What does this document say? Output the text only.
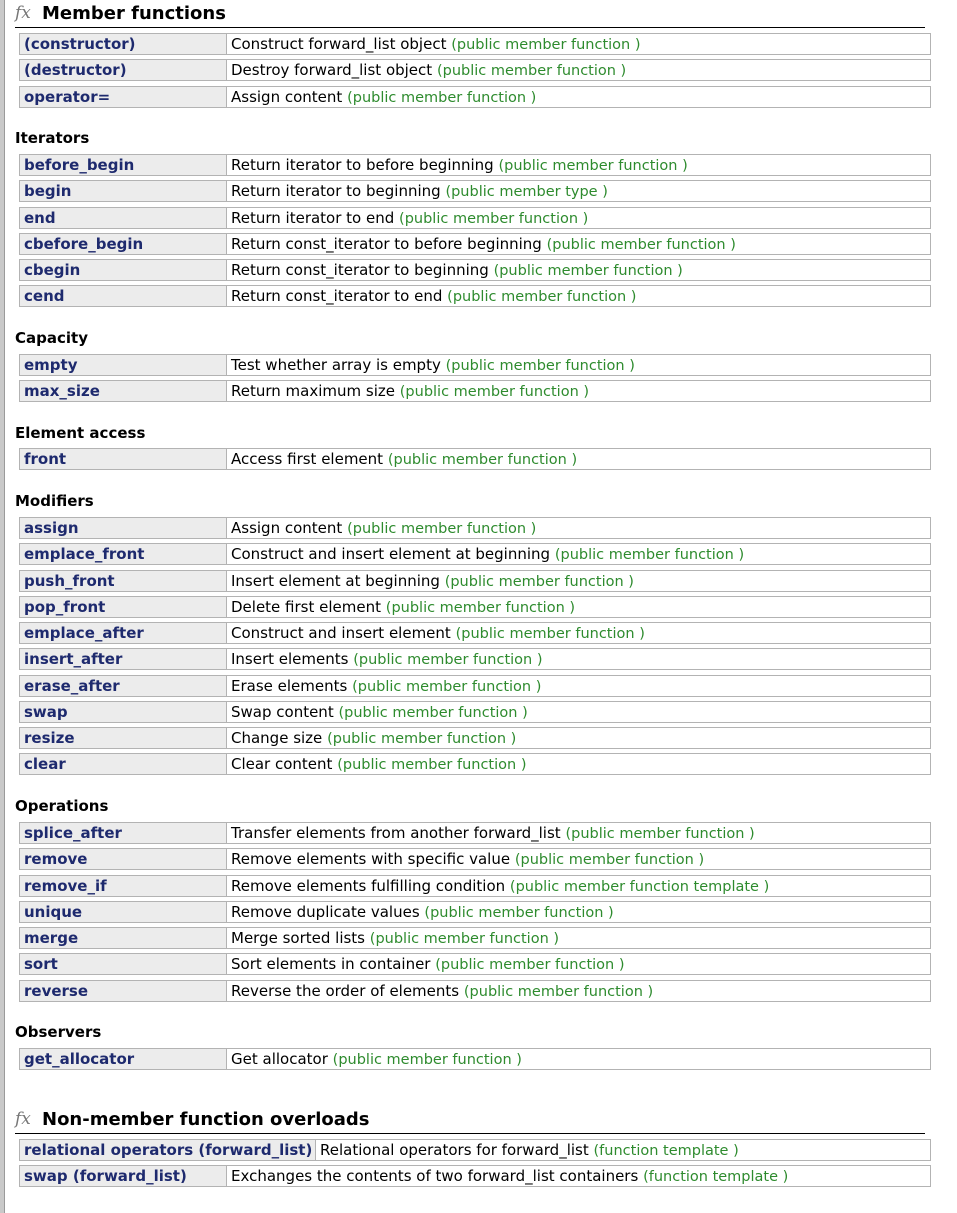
fx Member functions
(constructor)	Construct forward_list object (public member function )
(destructor)	Destroy forward_list object (public member function )
operator=	Assign content (public member function )
Iterators
before_begin	Return iterator to before beginning (public member function )
begin	Return iterator to beginning (public member type )
end	Return iterator to end (public member function )
cbefore_begin	Return const_iterator to before beginning (public member function )
cbegin	Return const_iterator to beginning (public member function )
cend	Return const_iterator to end (public member function )
Capacity
empty	Test whether array is empty (public member function )
max_size	Return maximum size (public member function )
Element access
front	Access first element (public member function )
Modifiers
assign	Assign content (public member function )
emplace_front	Construct and insert element at beginning (public member function )
push_front	Insert element at beginning (public member function )
pop_front	Delete first element (public member function )
emplace_after	Construct and insert element (public member function )
insert_after	Insert elements (public member function )
erase_after	Erase elements (public member function )
swap	Swap content (public member function )
resize	Change size (public member function )
clear	Clear content (public member function )
Operations
splice_after	Transfer elements from another forward_list (public member function )
remove	Remove elements with specific value (public member function )
remove_if	Remove elements fulfilling condition (public member function template )
unique	Remove duplicate values (public member function )
merge	Merge sorted lists (public member function )
sort	Sort elements in container (public member function )
reverse	Reverse the order of elements (public member function )
Observers
get_allocator	Get allocator (public member function )
fx Non-member function overloads
relational operators (forward_list) Relational operators for forward_list (function template )
swap (forward_list)	Exchanges the contents of two forward_list containers (function template )
